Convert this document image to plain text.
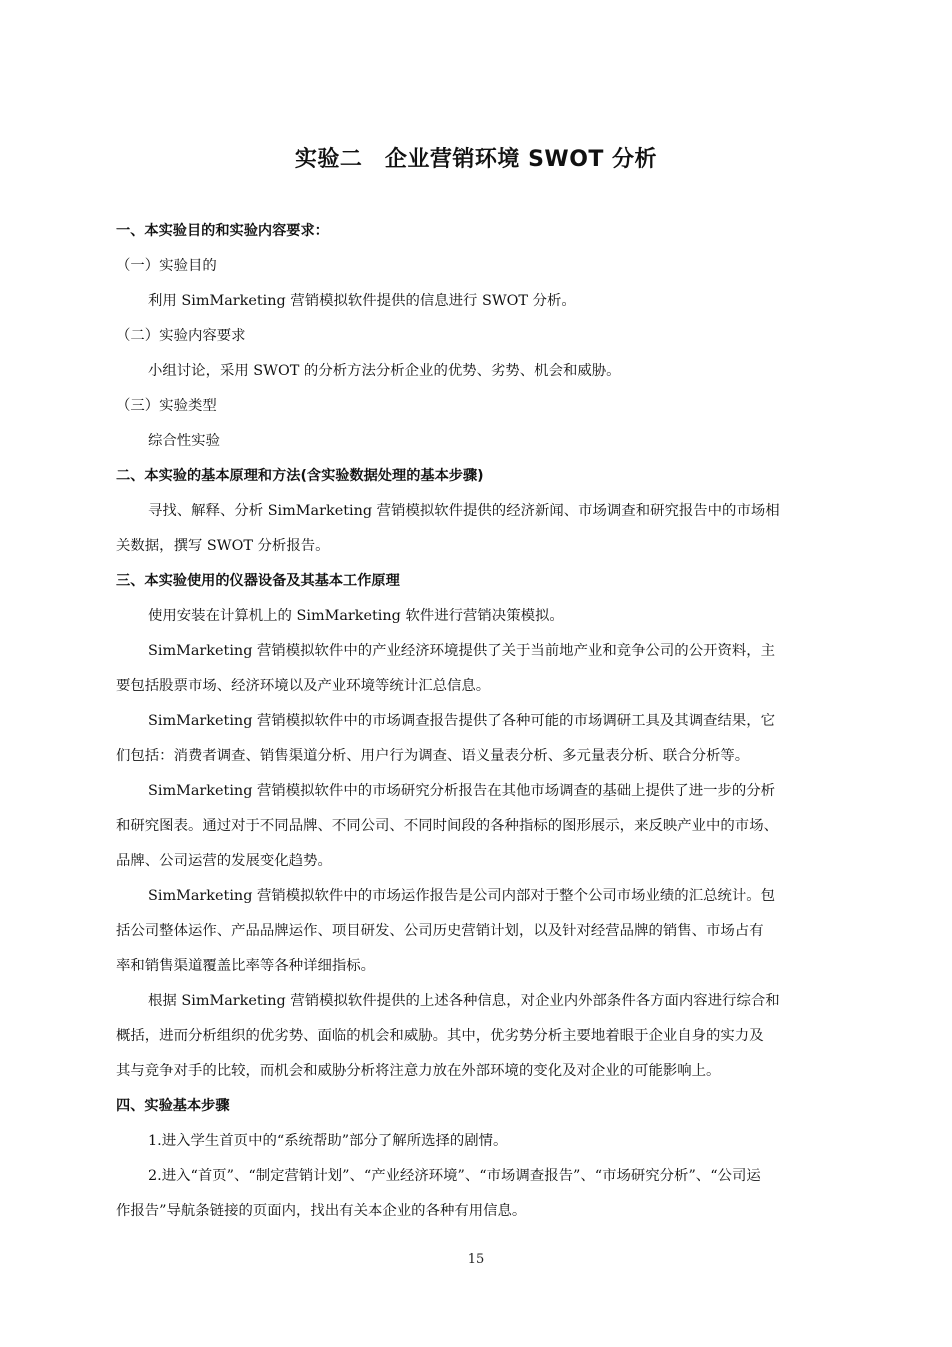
实验二　企业营销环境 SWOT 分析
一、本实验目的和实验内容要求：
（一）实验目的
利用 SimMarketing 营销模拟软件提供的信息进行 SWOT 分析。
（二）实验内容要求
小组讨论，采用 SWOT 的分析方法分析企业的优势、劣势、机会和威胁。
（三）实验类型
综合性实验
二、本实验的基本原理和方法(含实验数据处理的基本步骤)
寻找、解释、分析 SimMarketing 营销模拟软件提供的经济新闻、市场调查和研究报告中的市场相
关数据，撰写 SWOT 分析报告。
三、本实验使用的仪器设备及其基本工作原理
使用安装在计算机上的 SimMarketing 软件进行营销决策模拟。
SimMarketing 营销模拟软件中的产业经济环境提供了关于当前地产业和竞争公司的公开资料，主
要包括股票市场、经济环境以及产业环境等统计汇总信息。
SimMarketing 营销模拟软件中的市场调查报告提供了各种可能的市场调研工具及其调查结果，它
们包括：消费者调查、销售渠道分析、用户行为调查、语义量表分析、多元量表分析、联合分析等。
SimMarketing 营销模拟软件中的市场研究分析报告在其他市场调查的基础上提供了进一步的分析
和研究图表。通过对于不同品牌、不同公司、不同时间段的各种指标的图形展示，来反映产业中的市场、
品牌、公司运营的发展变化趋势。
SimMarketing 营销模拟软件中的市场运作报告是公司内部对于整个公司市场业绩的汇总统计。包
括公司整体运作、产品品牌运作、项目研发、公司历史营销计划，以及针对经营品牌的销售、市场占有
率和销售渠道覆盖比率等各种详细指标。
根据 SimMarketing 营销模拟软件提供的上述各种信息，对企业内外部条件各方面内容进行综合和
概括，进而分析组织的优劣势、面临的机会和威胁。其中，优劣势分析主要地着眼于企业自身的实力及
其与竞争对手的比较，而机会和威胁分析将注意力放在外部环境的变化及对企业的可能影响上。
四、实验基本步骤
1.进入学生首页中的“系统帮助”部分了解所选择的剧情。
2.进入“首页”、“制定营销计划”、“产业经济环境”、“市场调查报告”、“市场研究分析”、“公司运
作报告”导航条链接的页面内，找出有关本企业的各种有用信息。
15
